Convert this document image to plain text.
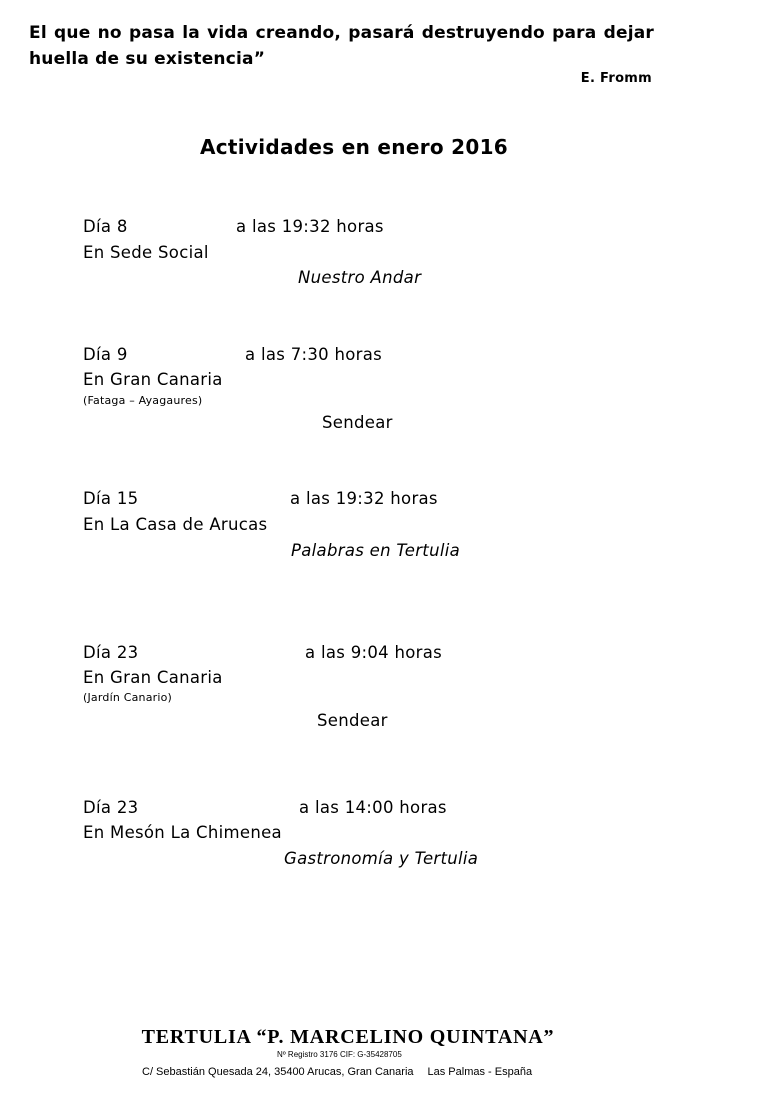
El que no pasa la vida creando, pasará destruyendo para dejar huella de su existencia”
E. Fromm
Actividades en enero 2016
Día 8	a las 19:32 horas
En Sede Social
Nuestro Andar
Día 9	a las 7:30 horas
En Gran Canaria
(Fataga – Ayagaures)
Sendear
Día 15	a las 19:32 horas
En La Casa de Arucas
Palabras en Tertulia
Día 23	a las 9:04 horas
En Gran Canaria
(Jardín Canario)
Sendear
Día 23	a las 14:00 horas
En Mesón La Chimenea
Gastronomía y Tertulia
TERTULIA “P. MARCELINO QUINTANA”
Nº Registro 3176 CIF: G-35428705
C/ Sebastián Quesada 24, 35400 Arucas, Gran Canaria Las Palmas - España
